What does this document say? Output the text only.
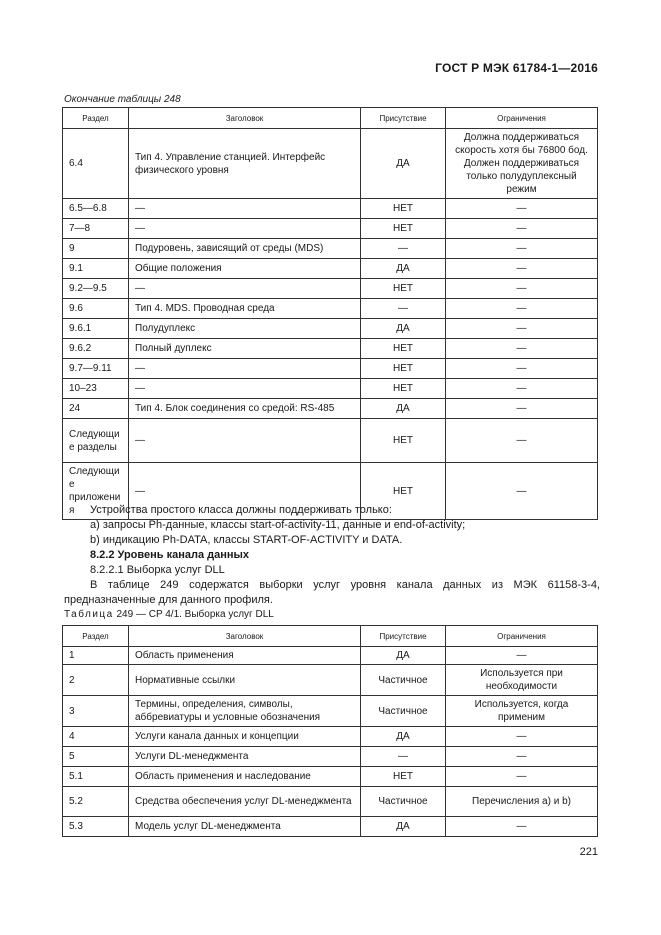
ГОСТ Р МЭК 61784-1—2016
Окончание таблицы 248
Раздел	Заголовок	Присутствие	Ограничения
6.4	Тип 4. Управление станцией. Интерфейс физического уровня	ДА	Должна поддерживаться скорость хотя бы 76800 бод. Должен поддерживаться только полудуплексный режим
6.5—6.8	—	НЕТ	—
7—8	—	НЕТ	—
9	Подуровень, зависящий от среды (MDS)	—	—
9.1	Общие положения	ДА	—
9.2—9.5	—	НЕТ	—
9.6	Тип 4. MDS. Проводная среда	—	—
9.6.1	Полудуплекс	ДА	—
9.6.2	Полный дуплекс	НЕТ	—
9.7—9.11	—	НЕТ	—
10–23	—	НЕТ	—
24	Тип 4. Блок соединения со средой: RS-485	ДА	—
Следующие разделы	—	НЕТ	—
Следующие приложения	—	НЕТ	—

Устройства простого класса должны поддерживать только:

а) запросы Ph-данные, классы start-of-activity-11, данные и end-of-activity;

b) индикацию Ph-DATA, классы START-OF-ACTIVITY и DATA.

8.2.2 Уровень канала данных

8.2.2.1 Выборка услуг DLL

В таблице 249 содержатся выборки услуг уровня канала данных из МЭК 61158-3-4, предназначенные для данного профиля.

Таблица 249 — CP 4/1. Выборка услуг DLL
Раздел	Заголовок	Присутствие	Ограничения
1	Область применения	ДА	—
2	Нормативные ссылки	Частичное	Используется при необходимости
3	Термины, определения, символы, аббревиатуры и условные обозначения	Частичное	Используется, когда применим
4	Услуги канала данных и концепции	ДА	—
5	Услуги DL-менеджмента	—	—
5.1	Область применения и наследование	НЕТ	—
5.2	Средства обеспечения услуг DL-менеджмента	Частичное	Перечисления а) и b)
5.3	Модель услуг DL-менеджмента	ДА	—
221
